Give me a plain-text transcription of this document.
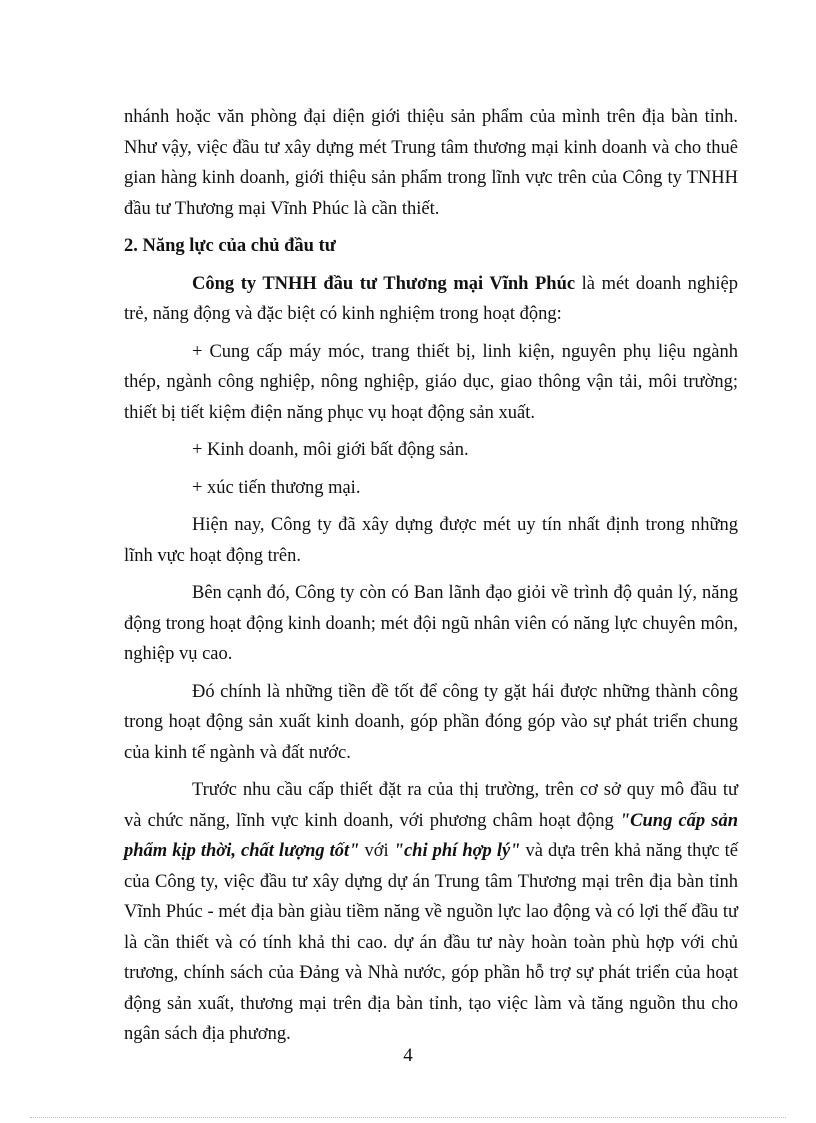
nhánh hoặc văn phòng đại diện giới thiệu sản phẩm của mình trên địa bàn tỉnh. Như vậy, việc đầu tư xây dựng mét Trung tâm thương mại kinh doanh và cho thuê gian hàng kinh doanh, giới thiệu sản phẩm trong lĩnh vực trên của Công ty TNHH đầu tư Thương mại Vĩnh Phúc là cần thiết.

2. Năng lực của chủ đầu tư

Công ty TNHH đầu tư Thương mại Vĩnh Phúc là mét doanh nghiệp trẻ, năng động và đặc biệt có kinh nghiệm trong hoạt động:

+ Cung cấp máy móc, trang thiết bị, linh kiện, nguyên phụ liệu ngành thép, ngành công nghiệp, nông nghiệp, giáo dục, giao thông vận tải, môi trường; thiết bị tiết kiệm điện năng phục vụ hoạt động sản xuất.

+ Kinh doanh, môi giới bất động sản.

+ xúc tiến thương mại.

Hiện nay, Công ty đã xây dựng được mét uy tín nhất định trong những lĩnh vực hoạt động trên.

Bên cạnh đó, Công ty còn có Ban lãnh đạo giỏi về trình độ quản lý, năng động trong hoạt động kinh doanh; mét đội ngũ nhân viên có năng lực chuyên môn, nghiệp vụ cao.

Đó chính là những tiền đề tốt để công ty gặt hái được những thành công trong hoạt động sản xuất kinh doanh, góp phần đóng góp vào sự phát triển chung của kinh tế ngành và đất nước.

Trước nhu cầu cấp thiết đặt ra của thị trường, trên cơ sở quy mô đầu tư và chức năng, lĩnh vực kinh doanh, với phương châm hoạt động "Cung cấp sản phẩm kịp thời, chất lượng tốt" với "chi phí hợp lý" và dựa trên khả năng thực tế của Công ty, việc đầu tư xây dựng dự án Trung tâm Thương mại trên địa bàn tỉnh Vĩnh Phúc - mét địa bàn giàu tiềm năng về nguồn lực lao động và có lợi thế đầu tư là cần thiết và có tính khả thi cao. dự án đầu tư này hoàn toàn phù hợp với chủ trương, chính sách của Đảng và Nhà nước, góp phần hỗ trợ sự phát triển của hoạt động sản xuất, thương mại trên địa bàn tỉnh, tạo việc làm và tăng nguồn thu cho ngân sách địa phương.

4
